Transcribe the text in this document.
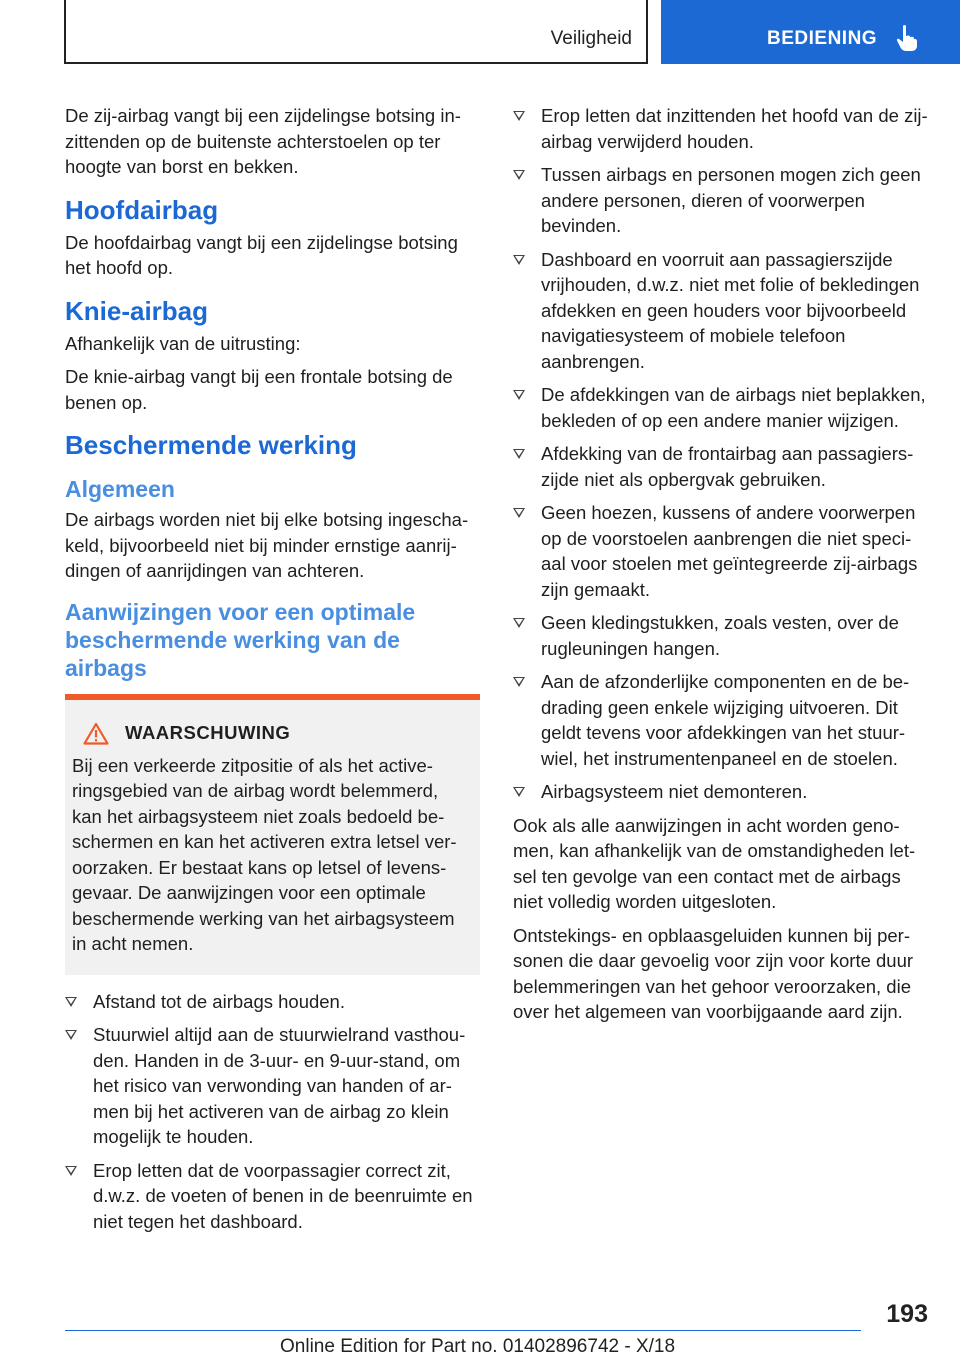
Veiligheid	BEDIENING

De zij-airbag vangt bij een zijdelingse botsing inzittenden op de buitenste achterstoelen op ter hoogte van borst en bekken.

Hoofdairbag

De hoofdairbag vangt bij een zijdelingse botsing het hoofd op.

Knie-airbag

Afhankelijk van de uitrusting:

De knie-airbag vangt bij een frontale botsing de benen op.

Beschermende werking
Algemeen

De airbags worden niet bij elke botsing ingeschakeld, bijvoorbeeld niet bij minder ernstige aanrijdingen of aanrijdingen van achteren.

Aanwijzingen voor een optimale beschermende werking van de airbags
WAARSCHUWING

Bij een verkeerde zitpositie of als het activeringsgebied van de airbag wordt belemmerd, kan het airbagsysteem niet zoals bedoeld beschermen en kan het activeren extra letsel veroorzaken. Er bestaat kans op letsel of levensgevaar. De aanwijzingen voor een optimale beschermende werking van het airbagsysteem in acht nemen.

Afstand tot de airbags houden.
Stuurwiel altijd aan de stuurwielrand vasthouden. Handen in de 3-uur- en 9-uur-stand, om het risico van verwonding van handen of armen bij het activeren van de airbag zo klein mogelijk te houden.
Erop letten dat de voorpassagier correct zit, d.w.z. de voeten of benen in de beenruimte en niet tegen het dashboard.
Erop letten dat inzittenden het hoofd van de zij-airbag verwijderd houden.
Tussen airbags en personen mogen zich geen andere personen, dieren of voorwerpen bevinden.
Dashboard en voorruit aan passagierszijde vrijhouden, d.w.z. niet met folie of bekledingen afdekken en geen houders voor bijvoorbeeld navigatiesysteem of mobiele telefoon aanbrengen.
De afdekkingen van de airbags niet beplakken, bekleden of op een andere manier wijzigen.
Afdekking van de frontairbag aan passagierszijde niet als opbergvak gebruiken.
Geen hoezen, kussens of andere voorwerpen op de voorstoelen aanbrengen die niet speciaal voor stoelen met geïntegreerde zij-airbags zijn gemaakt.
Geen kledingstukken, zoals vesten, over de rugleuningen hangen.
Aan de afzonderlijke componenten en de bedrading geen enkele wijziging uitvoeren. Dit geldt tevens voor afdekkingen van het stuurwiel, het instrumentenpaneel en de stoelen.
Airbagsysteem niet demonteren.

Ook als alle aanwijzingen in acht worden genomen, kan afhankelijk van de omstandigheden letsel ten gevolge van een contact met de airbags niet volledig worden uitgesloten.

Ontstekings- en opblaasgeluiden kunnen bij personen die daar gevoelig voor zijn voor korte duur belemmeringen van het gehoor veroorzaken, die over het algemeen van voorbijgaande aard zijn.

193
Online Edition for Part no. 01402896742 - X/18
